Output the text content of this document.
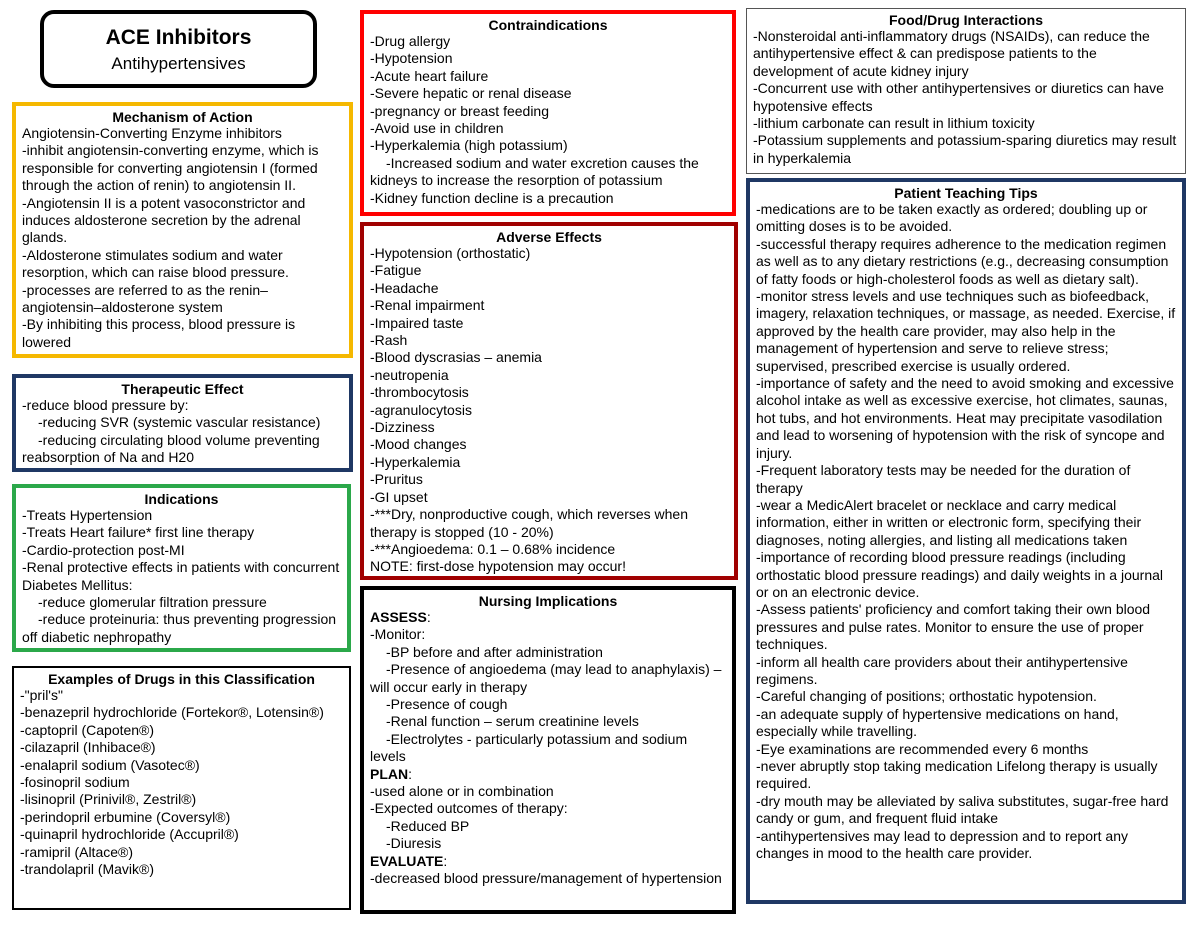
ACE Inhibitors
Antihypertensives
Mechanism of Action
Angiotensin-Converting Enzyme inhibitors
-inhibit angiotensin-converting enzyme, which is responsible for converting angiotensin I (formed through the action of renin) to angiotensin II.
-Angiotensin II is a potent vasoconstrictor and induces aldosterone secretion by the adrenal glands.
-Aldosterone stimulates sodium and water resorption, which can raise blood pressure.
-processes are referred to as the renin–angiotensin–aldosterone system
-By inhibiting this process, blood pressure is lowered
Therapeutic Effect
-reduce blood pressure by:
-reducing SVR (systemic vascular resistance)
-reducing circulating blood volume preventing reabsorption of Na and H20
Indications
-Treats Hypertension
-Treats Heart failure* first line therapy
-Cardio-protection post-MI
-Renal protective effects in patients with concurrent Diabetes Mellitus:
-reduce glomerular filtration pressure
-reduce proteinuria: thus preventing progression off diabetic nephropathy
Examples of Drugs in this Classification
-"pril's"
-benazepril hydrochloride (Fortekor®, Lotensin®)
-captopril (Capoten®)
-cilazapril (Inhibace®)
-enalapril sodium (Vasotec®)
-fosinopril sodium
-lisinopril (Prinivil®, Zestril®)
-perindopril erbumine (Coversyl®)
-quinapril hydrochloride (Accupril®)
-ramipril (Altace®)
-trandolapril (Mavik®)
Contraindications
-Drug allergy
-Hypotension
-Acute heart failure
-Severe hepatic or renal disease
-pregnancy or breast feeding
-Avoid use in children
-Hyperkalemia (high potassium)
-Increased sodium and water excretion causes the kidneys to increase the resorption of potassium
-Kidney function decline is a precaution
Adverse Effects
-Hypotension (orthostatic)
-Fatigue
-Headache
-Renal impairment
-Impaired taste
-Rash
-Blood dyscrasias – anemia
-neutropenia
-thrombocytosis
-agranulocytosis
-Dizziness
-Mood changes
-Hyperkalemia
-Pruritus
-GI upset
-***Dry, nonproductive cough, which reverses when therapy is stopped (10 - 20%)
-***Angioedema: 0.1 – 0.68% incidence
NOTE: first-dose hypotension may occur!
Nursing Implications
ASSESS:
-Monitor:
-BP before and after administration
-Presence of angioedema (may lead to anaphylaxis) – will occur early in therapy
-Presence of cough
-Renal function – serum creatinine levels
-Electrolytes - particularly potassium and sodium levels
PLAN:
-used alone or in combination
-Expected outcomes of therapy:
-Reduced BP
-Diuresis
EVALUATE:
-decreased blood pressure/management of hypertension
Food/Drug Interactions
-Nonsteroidal anti-inflammatory drugs (NSAIDs), can reduce the antihypertensive effect & can predispose patients to the development of acute kidney injury
-Concurrent use with other antihypertensives or diuretics can have hypotensive effects
-lithium carbonate can result in lithium toxicity
-Potassium supplements and potassium-sparing diuretics may result in hyperkalemia
Patient Teaching Tips
-medications are to be taken exactly as ordered; doubling up or omitting doses is to be avoided.
-successful therapy requires adherence to the medication regimen as well as to any dietary restrictions (e.g., decreasing consumption of fatty foods or high-cholesterol foods as well as dietary salt).
-monitor stress levels and use techniques such as biofeedback, imagery, relaxation techniques, or massage, as needed. Exercise, if approved by the health care provider, may also help in the management of hypertension and serve to relieve stress; supervised, prescribed exercise is usually ordered.
-importance of safety and the need to avoid smoking and excessive alcohol intake as well as excessive exercise, hot climates, saunas, hot tubs, and hot environments. Heat may precipitate vasodilation and lead to worsening of hypotension with the risk of syncope and injury.
-Frequent laboratory tests may be needed for the duration of therapy
-wear a MedicAlert bracelet or necklace and carry medical information, either in written or electronic form, specifying their diagnoses, noting allergies, and listing all medications taken
-importance of recording blood pressure readings (including orthostatic blood pressure readings) and daily weights in a journal or on an electronic device.
-Assess patients' proficiency and comfort taking their own blood pressures and pulse rates. Monitor to ensure the use of proper techniques.
-inform all health care providers about their antihypertensive regimens.
-Careful changing of positions; orthostatic hypotension.
-an adequate supply of hypertensive medications on hand, especially while travelling.
-Eye examinations are recommended every 6 months
-never abruptly stop taking medication Lifelong therapy is usually required.
-dry mouth may be alleviated by saliva substitutes, sugar-free hard candy or gum, and frequent fluid intake
-antihypertensives may lead to depression and to report any changes in mood to the health care provider.
